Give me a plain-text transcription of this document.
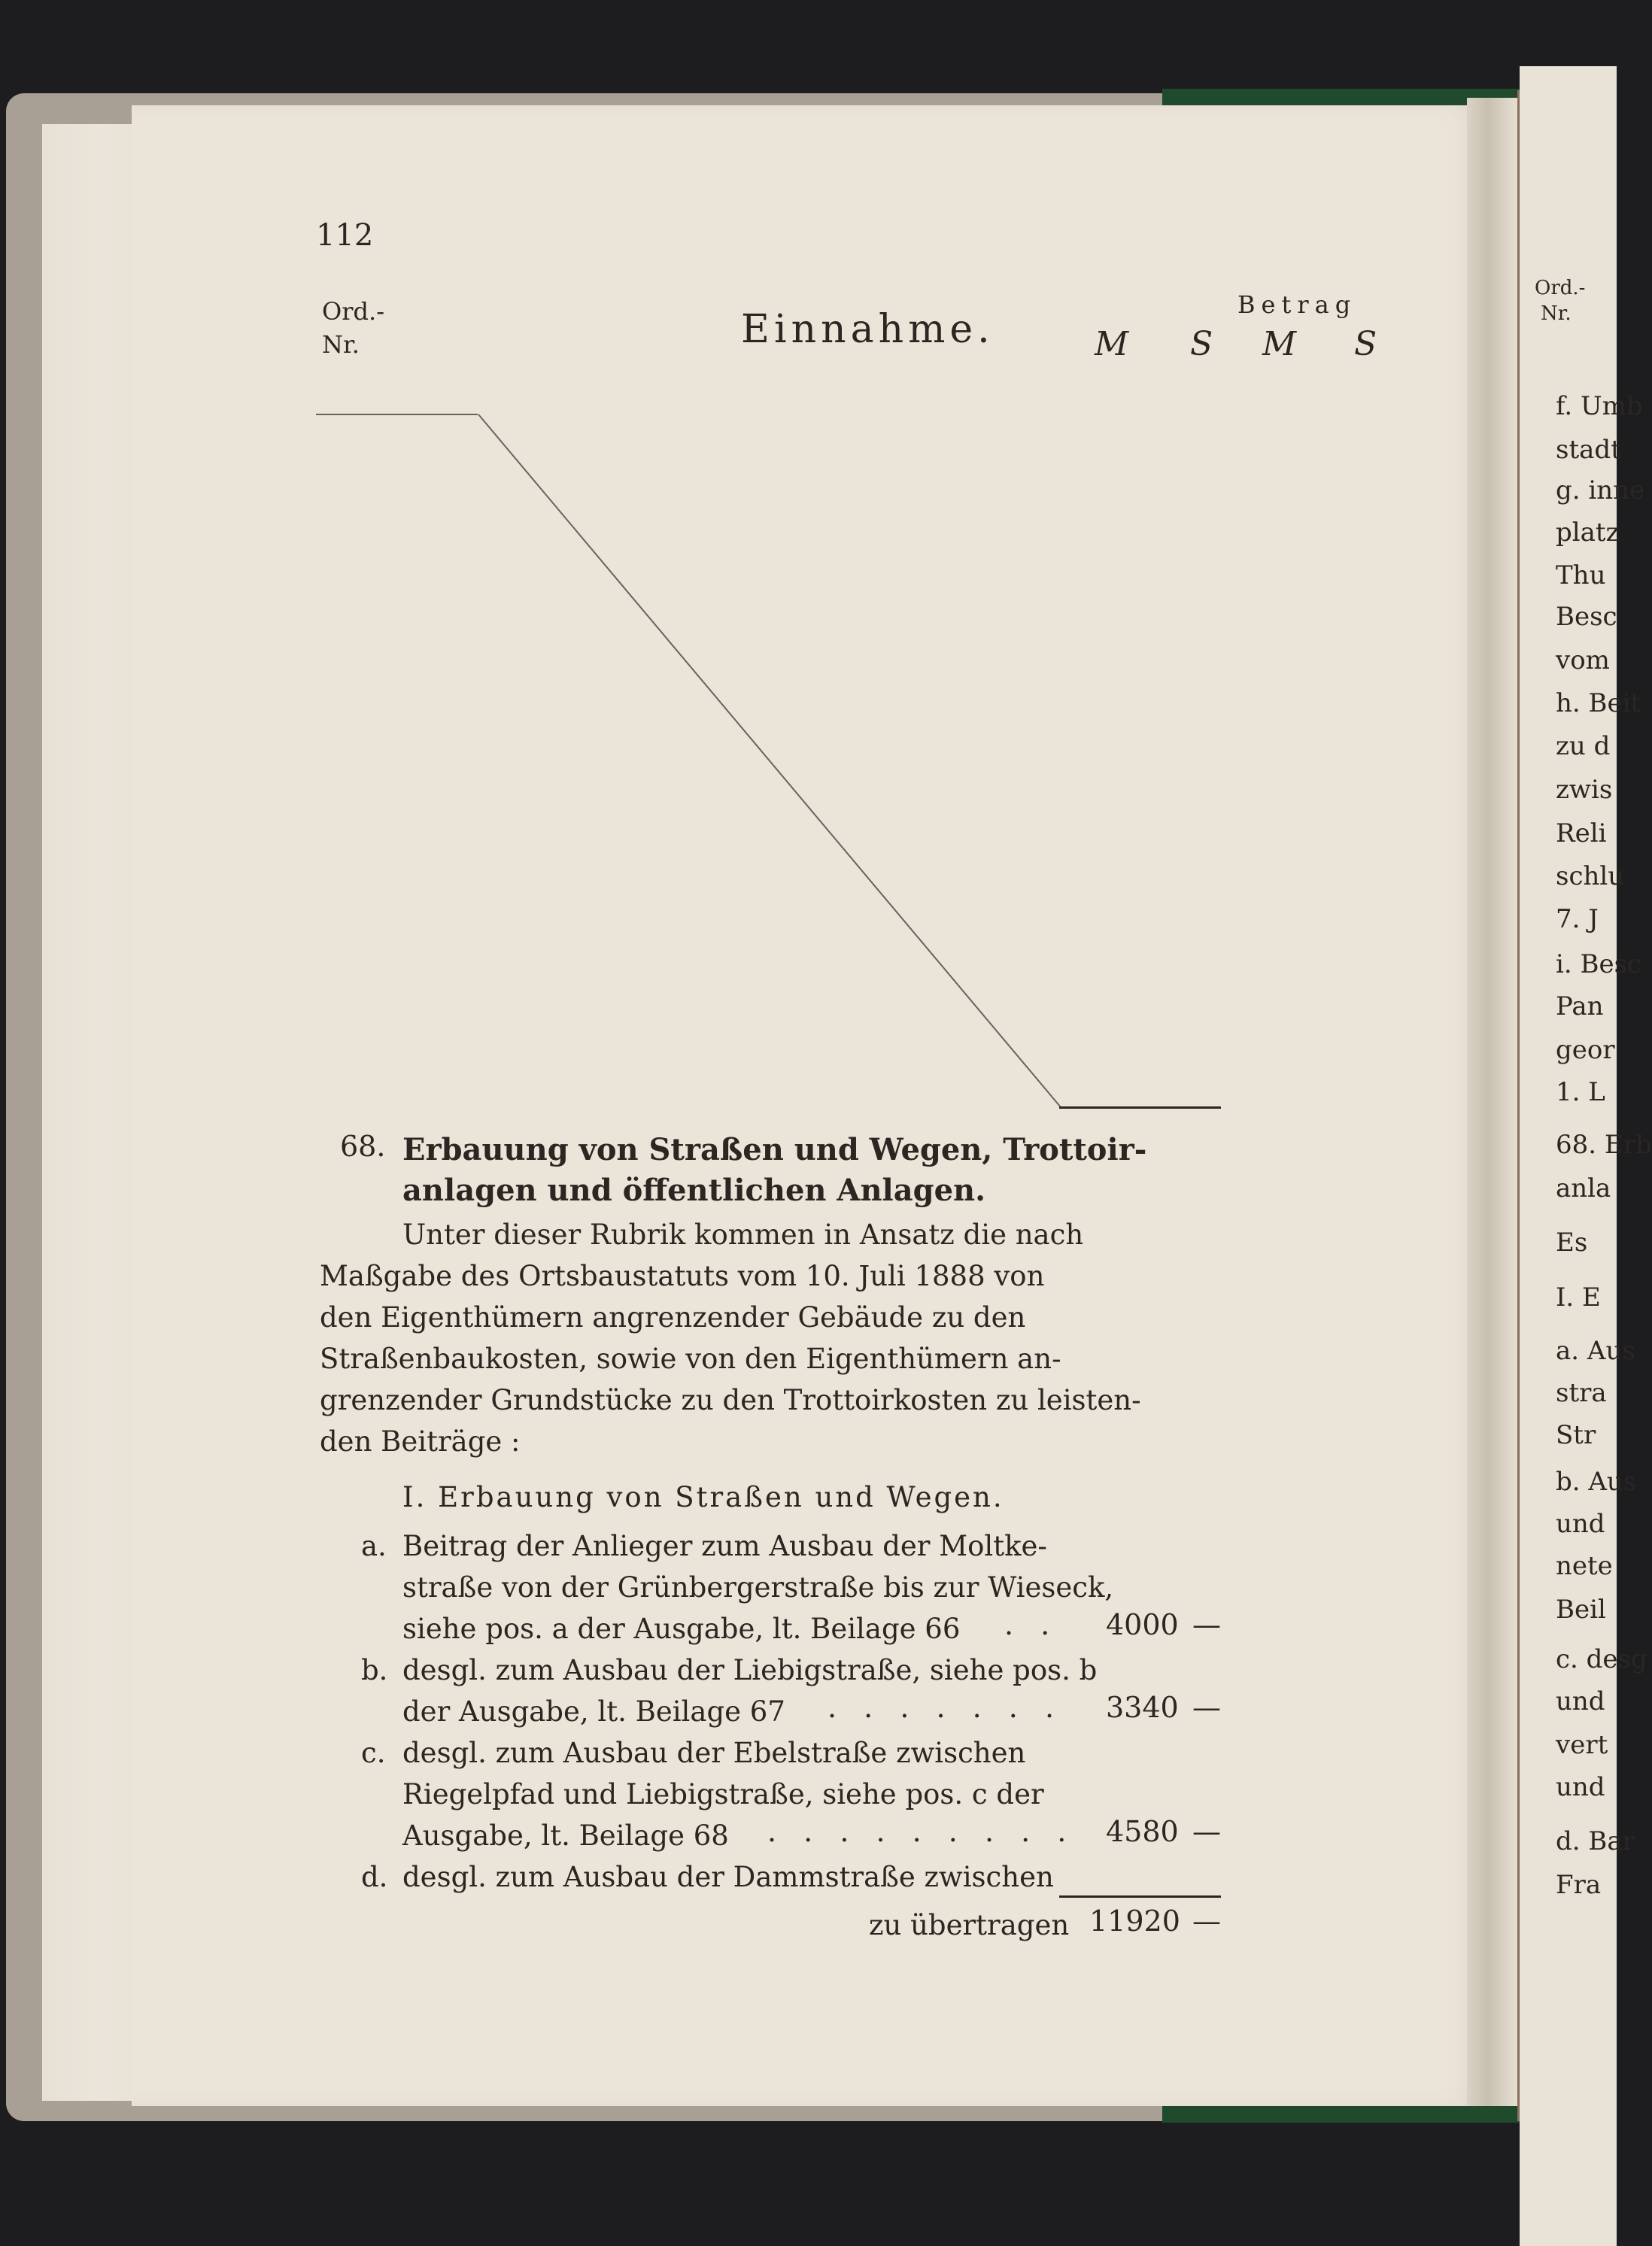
112
Ord.-
Nr.	Einnahme.
Betrag
M S M S
68. Erbauung von Straßen und Wegen, Trottoir-
anlagen und öffentlichen Anlagen.
Unter dieser Rubrik kommen in Ansatz die nach
Maßgabe des Ortsbaustatuts vom 10. Juli 1888 von
den Eigenthümern angrenzender Gebäude zu den
Straßenbaukosten, sowie von den Eigenthümern an-
grenzender Grundstücke zu den Trottoirkosten zu leisten-
den Beiträge :
I. Erbauung von Straßen und Wegen.
a. Beitrag der Anlieger zum Ausbau der Moltke-
straße von der Grünbergerstraße bis zur Wieseck,
siehe pos. a der Ausgabe, lt. Beilage 66 . . 4000 —
b. desgl. zum Ausbau der Liebigstraße, siehe pos. b
der Ausgabe, lt. Beilage 67 . . . . . . . 3340 —
c. desgl. zum Ausbau der Ebelstraße zwischen
Riegelpfad und Liebigstraße, siehe pos. c der
Ausgabe, lt. Beilage 68 . . . . . . . . . 4580 —
d. desgl. zum Ausbau der Dammstraße zwischen
zu übertragen 11920 —
Ord.-
Nr.
f. Umb
stadt
g. inne
platz
Thu
Besc
vom
h. Beit
zu d
zwis
Reli
schlu
7. J
i. Besc
Pan
geor
1. L
68. Erb
anla
Es
I. E
a. Aus
stra
Str
b. Aus
und
nete
Beil
c. desg
und
vert
und
d. Bar
Fra
